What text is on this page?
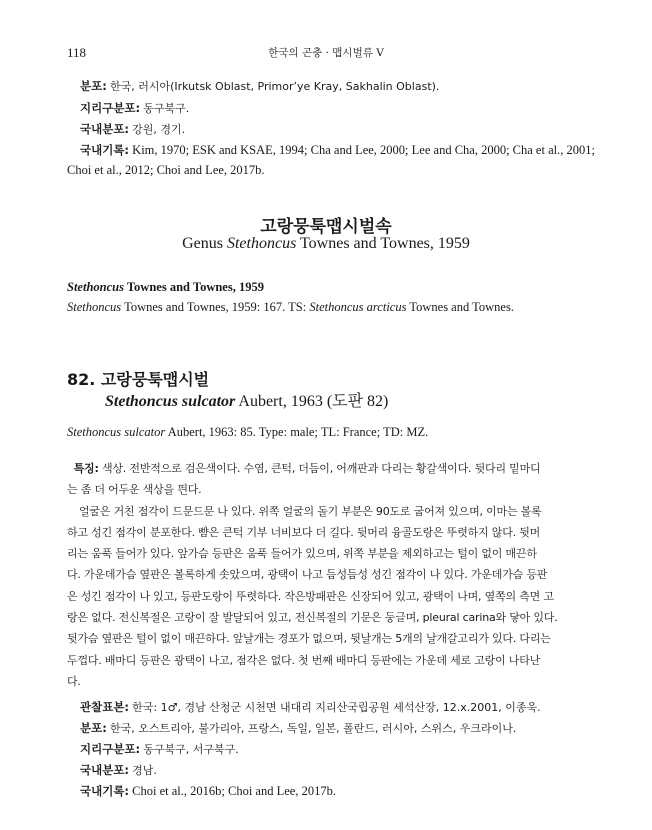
118	한국의 곤충 · 맵시벌류 V
분포: 한국, 러시아(Irkutsk Oblast, Primor’ye Kray, Sakhalin Oblast).
지리구분포: 동구북구.
국내분포: 강원, 경기.
국내기록: Kim, 1970; ESK and KSAE, 1994; Cha and Lee, 2000; Lee and Cha, 2000; Cha et al., 2001;
Choi et al., 2012; Choi and Lee, 2017b.
고랑뭉툭맵시벌속
Genus Stethoncus Townes and Townes, 1959
Stethoncus Townes and Townes, 1959
Stethoncus Townes and Townes, 1959: 167. TS: Stethoncus arcticus Townes and Townes.
82. 고랑뭉툭맵시벌
Stethoncus sulcator Aubert, 1963 (도판 82)
Stethoncus sulcator Aubert, 1963: 85. Type: male; TL: France; TD: MZ.
특징: 색상. 전반적으로 검은색이다. 수염, 큰턱, 더듬이, 어깨판과 다리는 황갈색이다. 뒷다리 밑마디
는 좀 더 어두운 색상을 띈다.
얼굴은 거친 점각이 드문드문 나 있다. 위쪽 얼굴의 돌기 부분은 90도로 굽어져 있으며, 이마는 볼록
하고 성긴 점각이 분포한다. 뺨은 큰턱 기부 너비보다 더 길다. 뒷머리 융골도랑은 뚜렷하지 않다. 뒷머
리는 움푹 들어가 있다. 앞가슴 등판은 움푹 들어가 있으며, 위쪽 부분을 제외하고는 털이 없이 매끈하
다. 가운데가슴 옆판은 볼록하게 솟았으며, 광택이 나고 듬성듬성 성긴 점각이 나 있다. 가운데가슴 등판
은 성긴 점각이 나 있고, 등판도랑이 뚜렷하다. 작은방패판은 신장되어 있고, 광택이 나며, 옆쪽의 측면 고
랑은 없다. 전신복절은 고랑이 잘 발달되어 있고, 전신복절의 기문은 둥글며, pleural carina와 닿아 있다.
뒷가슴 옆판은 털이 없이 매끈하다. 앞날개는 경포가 없으며, 뒷날개는 5개의 날개갈고리가 있다. 다리는
두껍다. 배마디 등판은 광택이 나고, 점각은 없다. 첫 번째 배마디 등판에는 가운데 세로 고랑이 나타난
다.
관찰표본: 한국: 1♂, 경남 산청군 시천면 내대리 지리산국립공원 세석산장, 12.x.2001, 이종욱.
분포: 한국, 오스트리아, 불가리아, 프랑스, 독일, 일본, 폴란드, 러시아, 스위스, 우크라이나.
지리구분포: 동구북구, 서구북구.
국내분포: 경남.
국내기록: Choi et al., 2016b; Choi and Lee, 2017b.
